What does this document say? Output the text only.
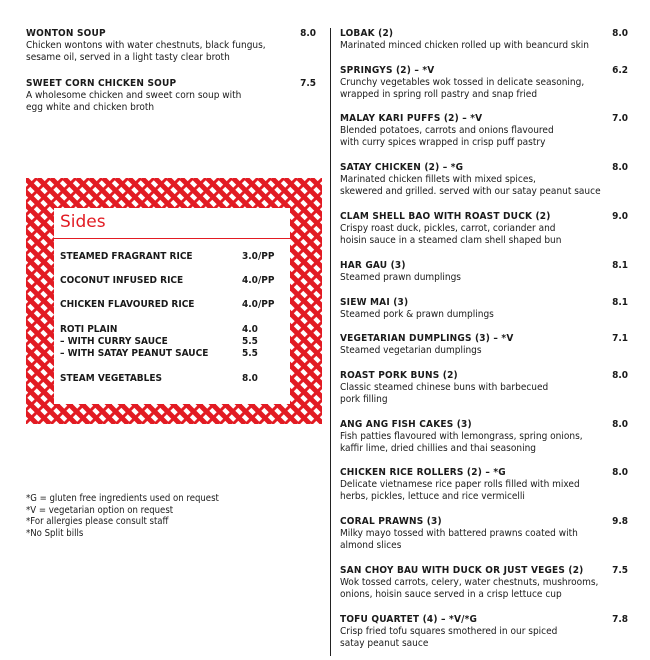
WONTON SOUP	8.0
Chicken wontons with water chestnuts, black fungus,
sesame oil, served in a light tasty clear broth
SWEET CORN CHICKEN SOUP	7.5
A wholesome chicken and sweet corn soup with
egg white and chicken broth
Sides
STEAMED FRAGRANT RICE	3.0/PP
COCONUT INFUSED RICE	4.0/PP
CHICKEN FLAVOURED RICE	4.0/PP
ROTI PLAIN	4.0
– WITH CURRY SAUCE	5.5
– WITH SATAY PEANUT SAUCE	5.5
STEAM VEGETABLES	8.0
*G = gluten free ingredients used on request
*V = vegetarian option on request
*For allergies please consult staff
*No Split bills
LOBAK (2)	8.0
Marinated minced chicken rolled up with beancurd skin
SPRINGYS (2) – *V	6.2
Crunchy vegetables wok tossed in delicate seasoning,
wrapped in spring roll pastry and snap fried
MALAY KARI PUFFS (2) – *V	7.0
Blended potatoes, carrots and onions flavoured
with curry spices wrapped in crisp puff pastry
SATAY CHICKEN (2) – *G	8.0
Marinated chicken fillets with mixed spices,
skewered and grilled. served with our satay peanut sauce
CLAM SHELL BAO WITH ROAST DUCK (2)	9.0
Crispy roast duck, pickles, carrot, coriander and
hoisin sauce in a steamed clam shell shaped bun
HAR GAU (3)	8.1
Steamed prawn dumplings
SIEW MAI (3)	8.1
Steamed pork & prawn dumplings
VEGETARIAN DUMPLINGS (3) – *V	7.1
Steamed vegetarian dumplings
ROAST PORK BUNS (2)	8.0
Classic steamed chinese buns with barbecued
pork filling
ANG ANG FISH CAKES (3)	8.0
Fish patties flavoured with lemongrass, spring onions,
kaffir lime, dried chillies and thai seasoning
CHICKEN RICE ROLLERS (2) – *G	8.0
Delicate vietnamese rice paper rolls filled with mixed
herbs, pickles, lettuce and rice vermicelli
CORAL PRAWNS (3)	9.8
Milky mayo tossed with battered prawns coated with
almond slices
SAN CHOY BAU WITH DUCK OR JUST VEGES (2)	7.5
Wok tossed carrots, celery, water chestnuts, mushrooms,
onions, hoisin sauce served in a crisp lettuce cup
TOFU QUARTET (4) – *V/*G	7.8
Crisp fried tofu squares smothered in our spiced
satay peanut sauce
